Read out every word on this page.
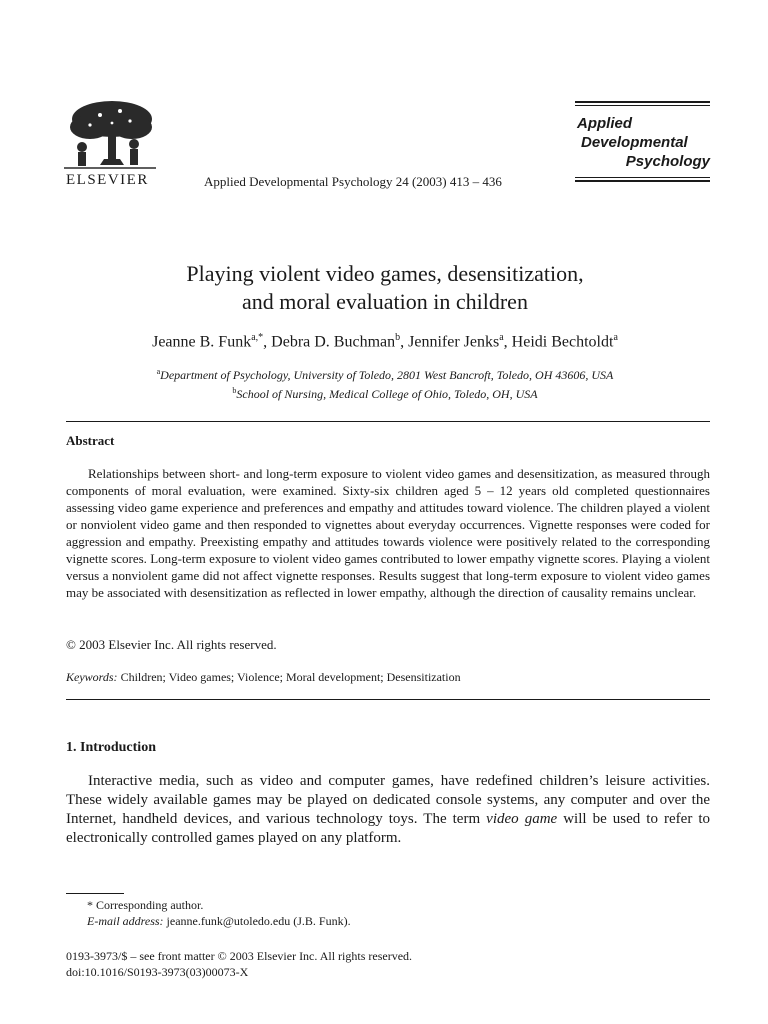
ELSEVIER	Applied Developmental Psychology 24 (2003) 413 – 436
Applied
Developmental
Psychology
Playing violent video games, desensitization,
and moral evaluation in children
Jeanne B. Funk$^{a,*}$, Debra D. Buchman$^b$, Jennifer Jenks$^a$, Heidi Bechtoldt$^a$
$^a$Department of Psychology, University of Toledo, 2801 West Bancroft, Toledo, OH 43606, USA
$^b$School of Nursing, Medical College of Ohio, Toledo, OH, USA
Abstract

Relationships between short- and long-term exposure to violent video games and desensitization, as measured through components of moral evaluation, were examined. Sixty-six children aged 5 – 12 years old completed questionnaires assessing video game experience and preferences and empathy and attitudes toward violence. The children played a violent or nonviolent video game and then responded to vignettes about everyday occurrences. Vignette responses were coded for aggression and empathy. Preexisting empathy and attitudes towards violence were positively related to the corresponding vignette scores. Long-term exposure to violent video games contributed to lower empathy vignette scores. Playing a violent versus a nonviolent game did not affect vignette responses. Results suggest that long-term exposure to violent video games may be associated with desensitization as reflected in lower empathy, although the direction of causality remains unclear.

© 2003 Elsevier Inc. All rights reserved.
Keywords: Children; Video games; Violence; Moral development; Desensitization
1. Introduction

Interactive media, such as video and computer games, have redefined children’s leisure activities. These widely available games may be played on dedicated console systems, any computer and over the Internet, handheld devices, and various technology toys. The term video game will be used to refer to electronically controlled games played on any platform.

* Corresponding author.
E-mail address: jeanne.funk@utoledo.edu (J.B. Funk).
0193-3973/$ – see front matter © 2003 Elsevier Inc. All rights reserved.
doi:10.1016/S0193-3973(03)00073-X
